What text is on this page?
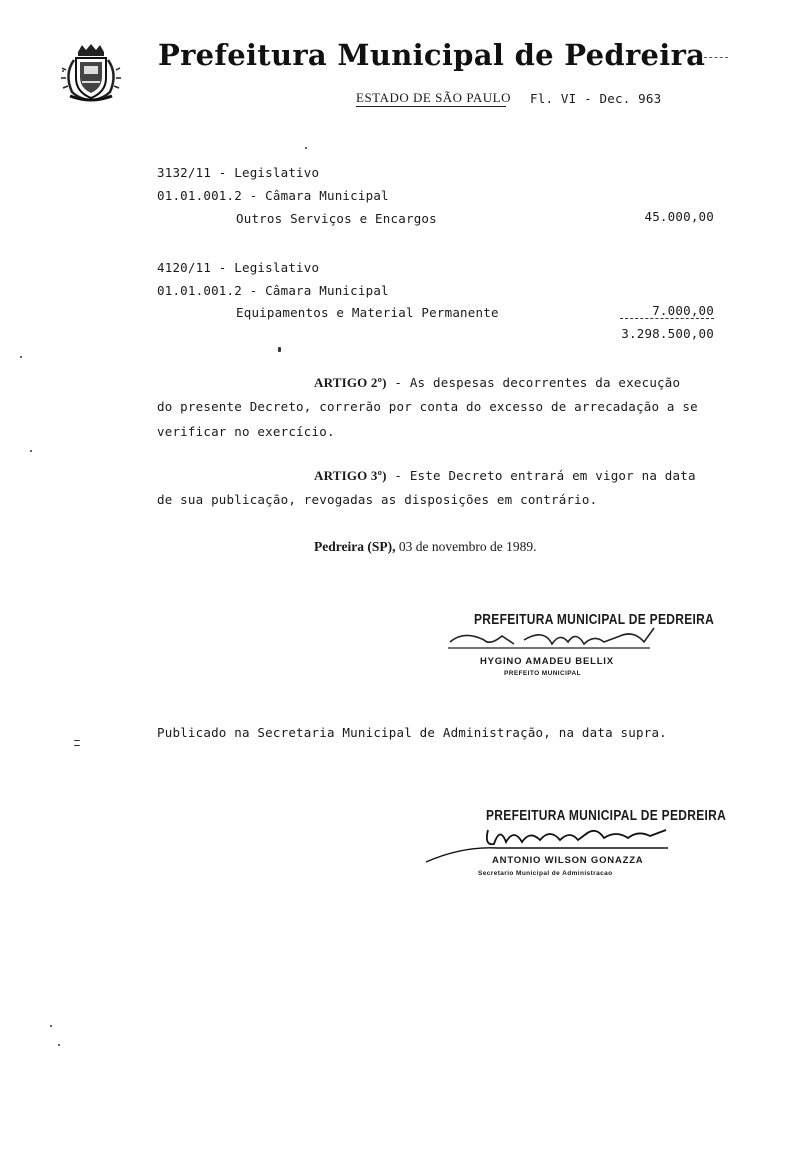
Prefeitura Municipal de Pedreira
ESTADO DE SÃO PAULO Fl. VI - Dec. 963
3132/11 - Legislativo
01.01.001.2 - Câmara Municipal
Outros Serviços e Encargos	45.000,00
4120/11 - Legislativo
01.01.001.2 - Câmara Municipal
Equipamentos e Material Permanente	7.000,00
3.298.500,00
ARTIGO 2º) - As despesas decorrentes da execução
do presente Decreto, correrão por conta do excesso de arrecadação a se
verificar no exercício.
ARTIGO 3º) - Este Decreto entrará em vigor na data
de sua publicação, revogadas as disposições em contrário.
Pedreira (SP), 03 de novembro de 1989.
PREFEITURA MUNICIPAL DE PEDREIRA
HYGINO AMADEU BELLIX
PREFEITO MUNICIPAL
Publicado na Secretaria Municipal de Administração, na data supra.
PREFEITURA MUNICIPAL DE PEDREIRA
ANTONIO WILSON GONAZZA
Secretario Municipal de Administracao
